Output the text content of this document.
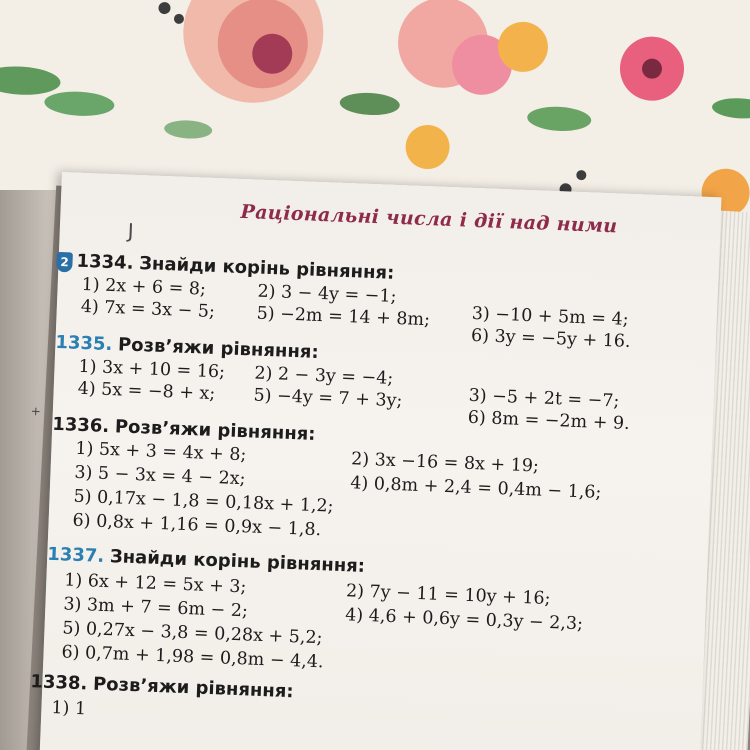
Раціональні числа і дії над ними
J
+
2 1334. Знайди корінь рівняння:
1) 2x + 6 = 8;	2) 3 − 4y = −1;
3) −10 + 5m = 4;
4) 7x = 3x − 5; 5) −2m = 14 + 8m;
6) 3y = −5y + 16.
1335. Розв’яжи рівняння:
1) 3x + 10 = 16; 2) 2 − 3y = −4;
3) −5 + 2t = −7;
4) 5x = −8 + x; 5) −4y = 7 + 3y;
6) 8m = −2m + 9.
1336. Розв’яжи рівняння:
1) 5x + 3 = 4x + 8;	2) 3x −16 = 8x + 19;
3) 5 − 3x = 4 − 2x;	4) 0,8m + 2,4 = 0,4m − 1,6;
5) 0,17x − 1,8 = 0,18x + 1,2;
6) 0,8x + 1,16 = 0,9x − 1,8.
1337. Знайди корінь рівняння:
1) 6x + 12 = 5x + 3;	2) 7y − 11 = 10y + 16;
3) 3m + 7 = 6m − 2;	4) 4,6 + 0,6y = 0,3y − 2,3;
5) 0,27x − 3,8 = 0,28x + 5,2;
6) 0,7m + 1,98 = 0,8m − 4,4.
1338. Розв’яжи рівняння:
1) 1
